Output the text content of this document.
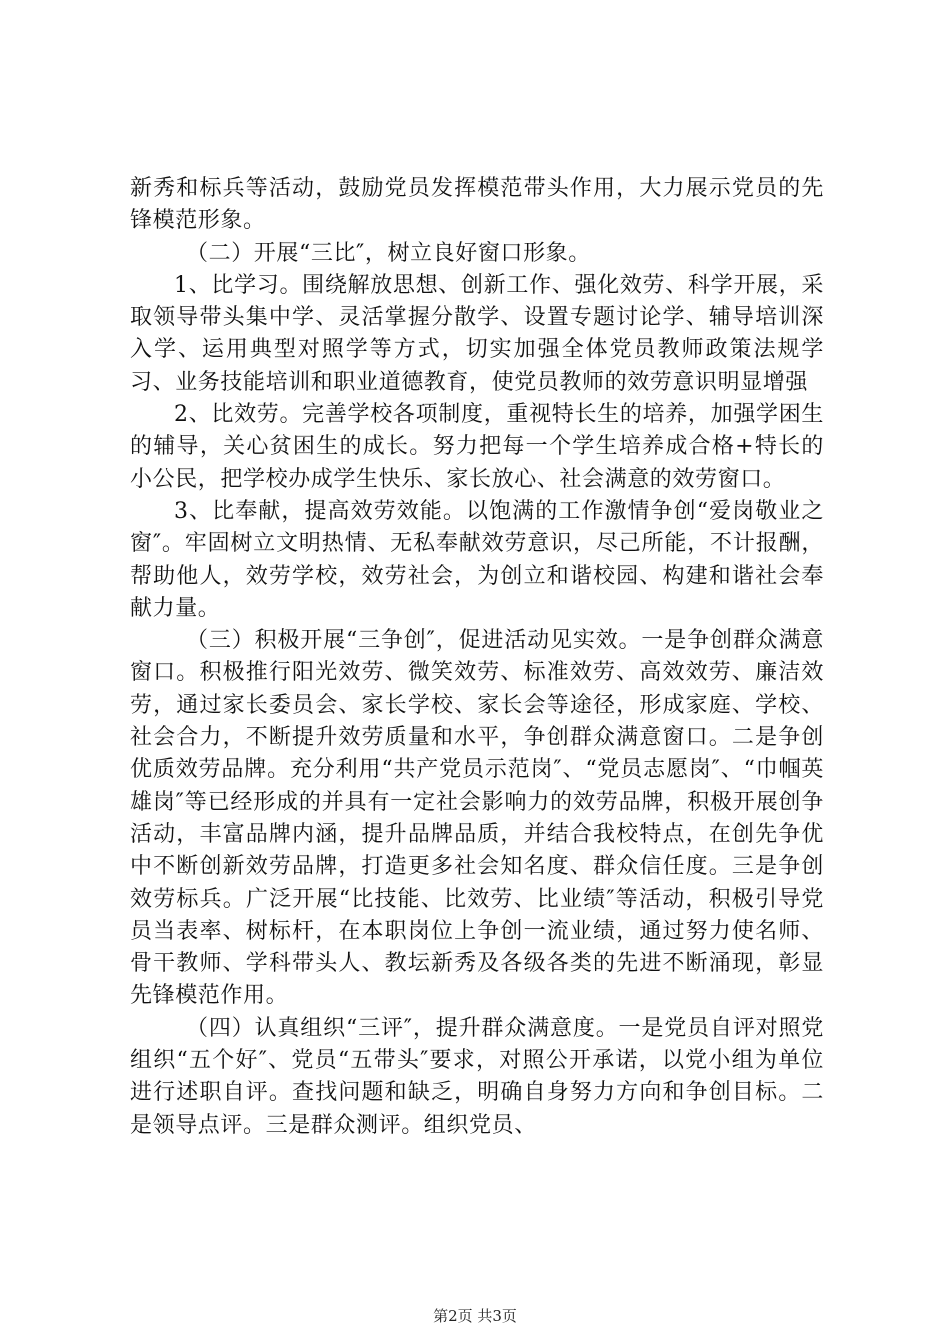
新秀和标兵等活动，鼓励党员发挥模范带头作用，大力展示党员的先锋模范形象。

（二）开展“三比″，树立良好窗口形象。

1、比学习。围绕解放思想、创新工作、强化效劳、科学开展，采取领导带头集中学、灵活掌握分散学、设置专题讨论学、辅导培训深入学、运用典型对照学等方式，切实加强全体党员教师政策法规学习、业务技能培训和职业道德教育，使党员教师的效劳意识明显增强

2、比效劳。完善学校各项制度，重视特长生的培养，加强学困生的辅导，关心贫困生的成长。努力把每一个学生培养成合格+特长的小公民，把学校办成学生快乐、家长放心、社会满意的效劳窗口。

3、比奉献，提高效劳效能。以饱满的工作激情争创“爱岗敬业之窗″。牢固树立文明热情、无私奉献效劳意识，尽己所能，不计报酬，帮助他人，效劳学校，效劳社会，为创立和谐校园、构建和谐社会奉献力量。

（三）积极开展“三争创″，促进活动见实效。一是争创群众满意窗口。积极推行阳光效劳、微笑效劳、标准效劳、高效效劳、廉洁效劳，通过家长委员会、家长学校、家长会等途径，形成家庭、学校、社会合力，不断提升效劳质量和水平，争创群众满意窗口。二是争创优质效劳品牌。充分利用“共产党员示范岗″、“党员志愿岗″、“巾帼英雄岗″等已经形成的并具有一定社会影响力的效劳品牌，积极开展创争活动，丰富品牌内涵，提升品牌品质，并结合我校特点，在创先争优中不断创新效劳品牌，打造更多社会知名度、群众信任度。三是争创效劳标兵。广泛开展“比技能、比效劳、比业绩″等活动，积极引导党员当表率、树标杆，在本职岗位上争创一流业绩，通过努力使名师、骨干教师、学科带头人、教坛新秀及各级各类的先进不断涌现，彰显先锋模范作用。

（四）认真组织“三评″，提升群众满意度。一是党员自评对照党组织“五个好″、党员“五带头″要求，对照公开承诺，以党小组为单位进行述职自评。查找问题和缺乏，明确自身努力方向和争创目标。二是领导点评。三是群众测评。组织党员、

第2页 共3页
